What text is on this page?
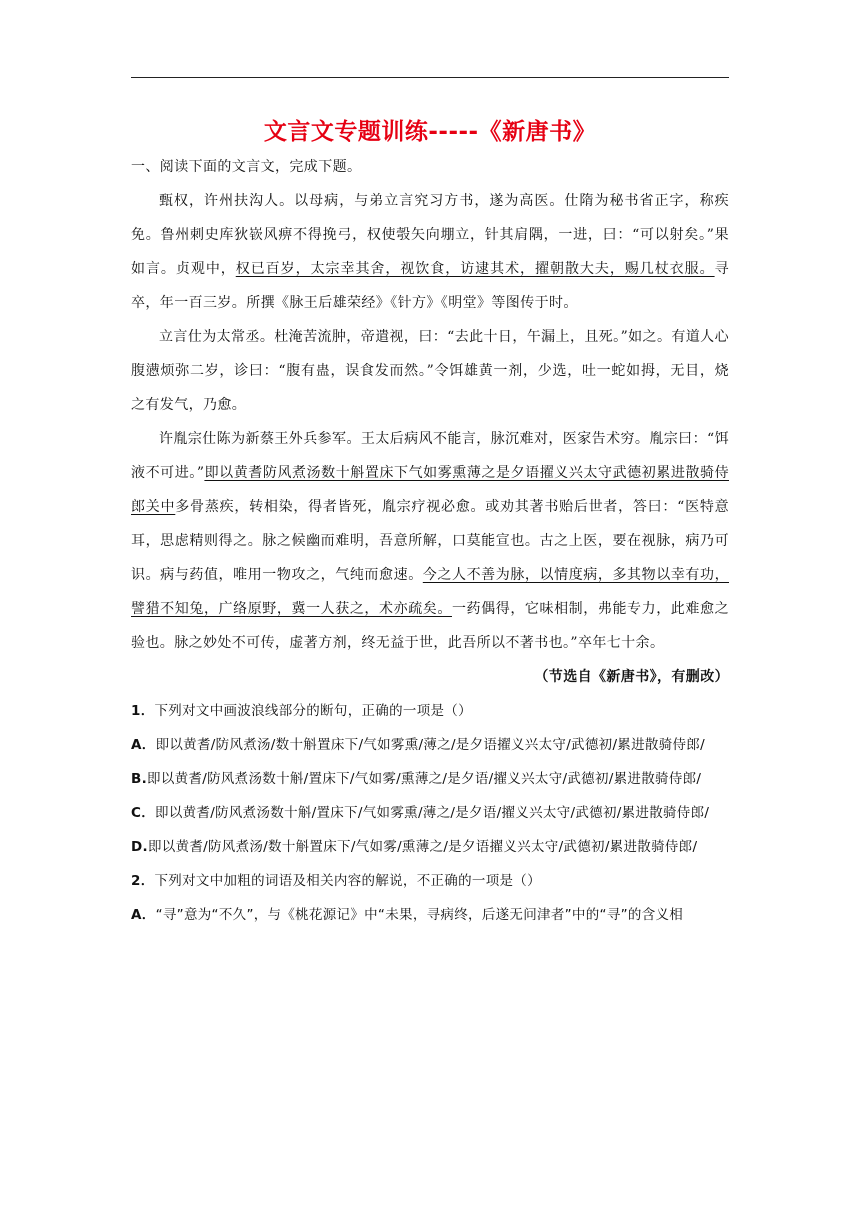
文言文专题训练-----《新唐书》

一、阅读下面的文言文，完成下题。

甄权，许州扶沟人。以母病，与弟立言究习方书，遂为高医。仕隋为秘书省正字，称疾免。鲁州刺史库狄嵚风痹不得挽弓，权使彀矢向堋立，针其肩隅，一进，曰：“可以射矣。”果如言。贞观中，权已百岁，太宗幸其舍，视饮食，访逮其术，擢朝散大夫，赐几杖衣服。寻卒，年一百三岁。所撰《脉王后雄荣经》《针方》《明堂》等图传于时。

立言仕为太常丞。杜淹苦流肿，帝遣视，曰：“去此十日，午漏上，且死。”如之。有道人心腹懑烦弥二岁，诊曰：“腹有蛊，误食发而然。”令饵雄黄一剂，少选，吐一蛇如拇，无目，烧之有发气，乃愈。

许胤宗仕陈为新蔡王外兵参军。王太后病风不能言，脉沉难对，医家告术穷。胤宗曰：“饵液不可进。”即以黄耆防风煮汤数十斛置床下气如雾熏薄之是夕语擢义兴太守武德初累进散骑侍郎关中多骨蒸疾，转相染，得者皆死，胤宗疗视必愈。或劝其著书贻后世者，答曰：“医特意耳，思虑精则得之。脉之候幽而难明，吾意所解，口莫能宣也。古之上医，要在视脉，病乃可识。病与药值，唯用一物攻之，气纯而愈速。今之人不善为脉，以情度病，多其物以幸有功，譬猎不知兔，广络原野，冀一人获之，术亦疏矣。一药偶得，它味相制，弗能专力，此难愈之验也。脉之妙处不可传，虚著方剂，终无益于世，此吾所以不著书也。”卒年七十余。

（节选自《新唐书》，有删改）

1．下列对文中画波浪线部分的断句，正确的一项是（）

A．即以黄耆/防风煮汤/数十斛置床下/气如雾熏/薄之/是夕语擢义兴太守/武德初/累进散骑侍郎/

B.即以黄耆/防风煮汤数十斛/置床下/气如雾/熏薄之/是夕语/擢义兴太守/武德初/累进散骑侍郎/

C．即以黄耆/防风煮汤数十斛/置床下/气如雾熏/薄之/是夕语/擢义兴太守/武德初/累进散骑侍郎/

D.即以黄耆/防风煮汤/数十斛置床下/气如雾/熏薄之/是夕语擢义兴太守/武德初/累进散骑侍郎/

2．下列对文中加粗的词语及相关内容的解说，不正确的一项是（）

A．“寻”意为“不久”，与《桃花源记》中“未果，寻病终，后遂无问津者”中的“寻”的含义相
